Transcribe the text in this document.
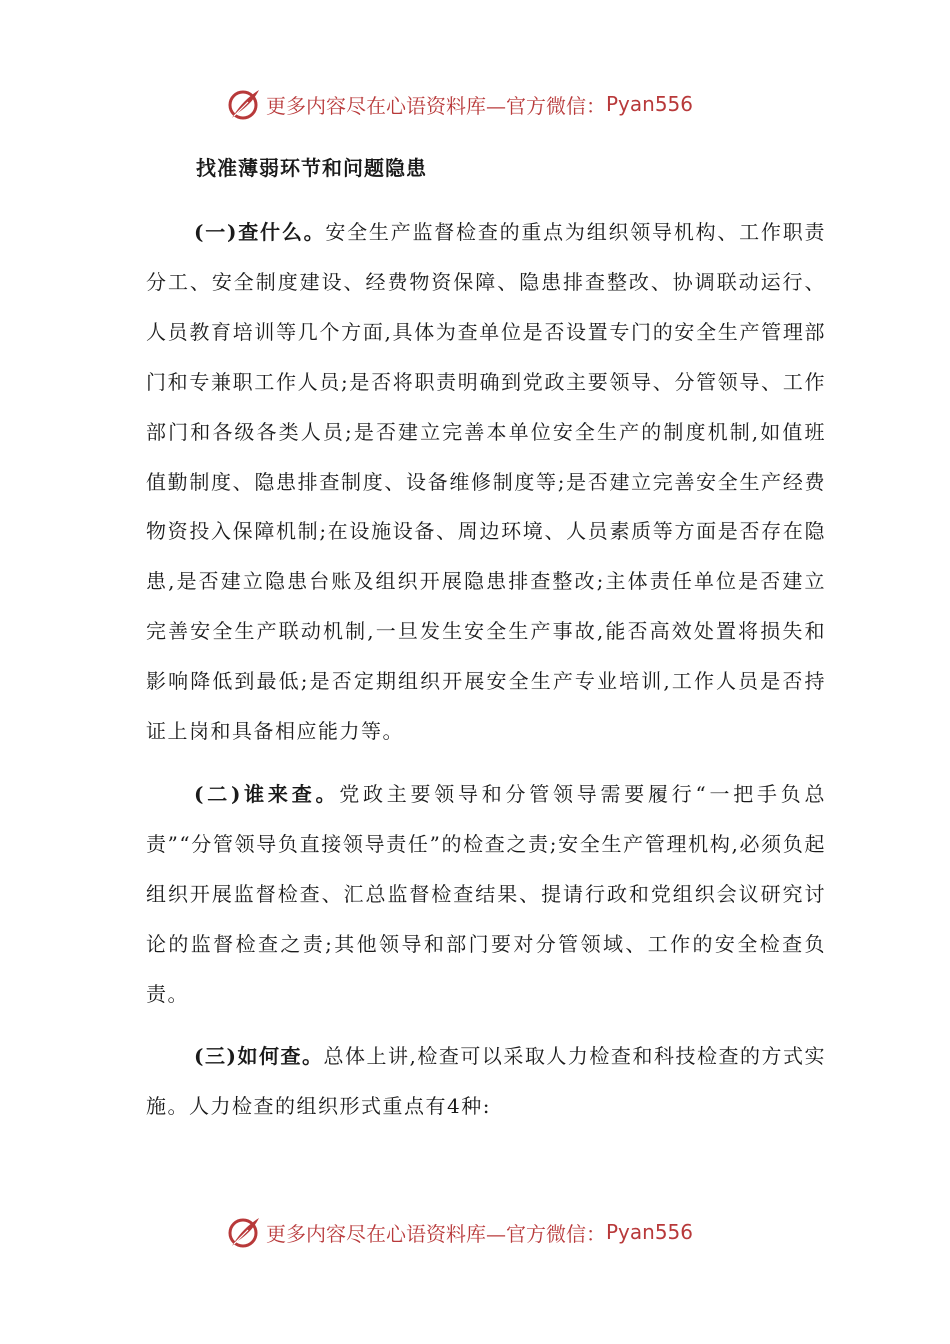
更多内容尽在心语资料库—官方微信： Pyan556
找准薄弱环节和问题隐患

(一)查什么。安全生产监督检查的重点为组织领导机构、工作职责分工、安全制度建设、经费物资保障、隐患排查整改、协调联动运行、人员教育培训等几个方面,具体为查单位是否设置专门的安全生产管理部门和专兼职工作人员;是否将职责明确到党政主要领导、分管领导、工作部门和各级各类人员;是否建立完善本单位安全生产的制度机制,如值班值勤制度、隐患排查制度、设备维修制度等;是否建立完善安全生产经费物资投入保障机制;在设施设备、周边环境、人员素质等方面是否存在隐患,是否建立隐患台账及组织开展隐患排查整改;主体责任单位是否建立完善安全生产联动机制,一旦发生安全生产事故,能否高效处置将损失和影响降低到最低;是否定期组织开展安全生产专业培训,工作人员是否持证上岗和具备相应能力等。

(二)谁来查。党政主要领导和分管领导需要履行“一把手负总责”“分管领导负直接领导责任”的检查之责;安全生产管理机构,必须负起组织开展监督检查、汇总监督检查结果、提请行政和党组织会议研究讨论的监督检查之责;其他领导和部门要对分管领域、工作的安全检查负责。

(三)如何查。总体上讲,检查可以采取人力检查和科技检查的方式实施。人力检查的组织形式重点有4种:

更多内容尽在心语资料库—官方微信： Pyan556
